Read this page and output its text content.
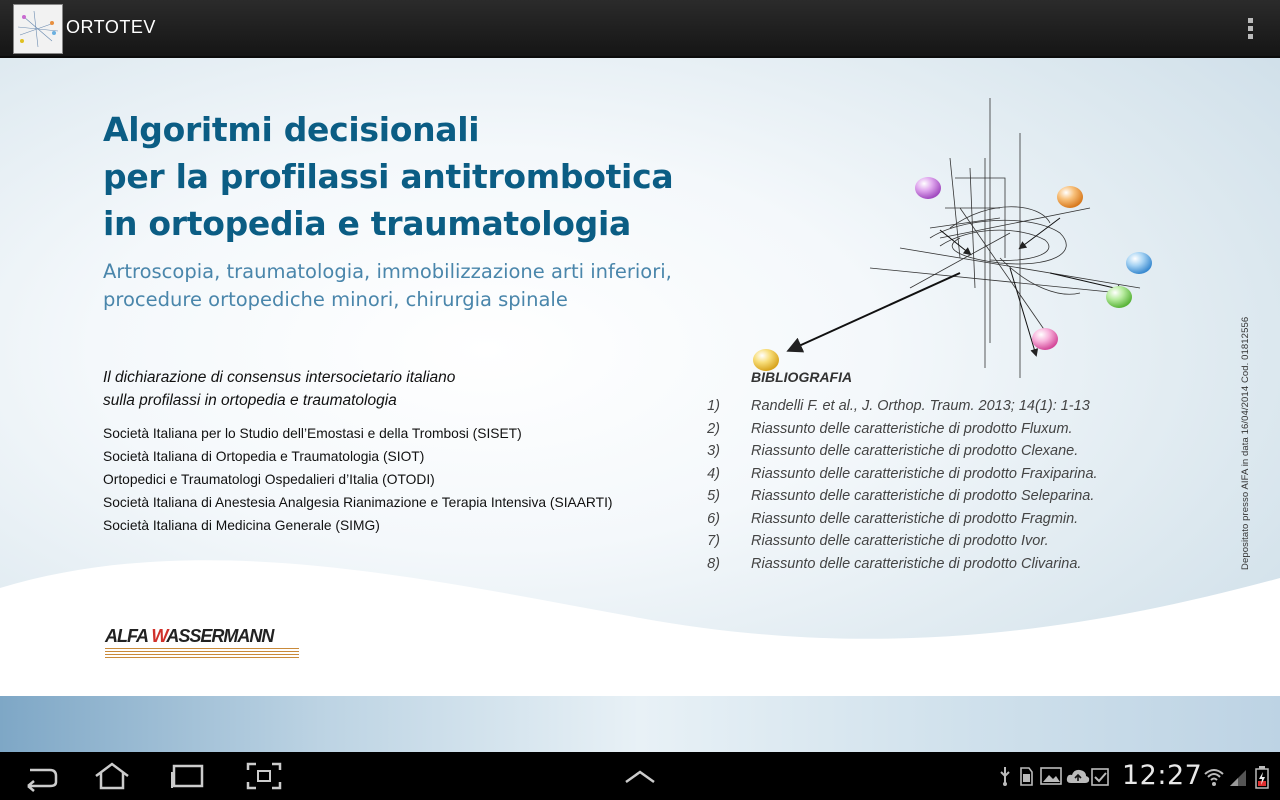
ORTOTEV
Algoritmi decisionali
per la profilassi antitrombotica
in ortopedia e traumatologia
Artroscopia, traumatologia, immobilizzazione arti inferiori,
procedure ortopediche minori, chirurgia spinale
Il dichiarazione di consensus intersocietario italiano
sulla profilassi in ortopedia e traumatologia
Società Italiana per lo Studio dell’Emostasi e della Trombosi (SISET)
Società Italiana di Ortopedia e Traumatologia (SIOT)
Ortopedici e Traumatologi Ospedalieri d’Italia (OTODI)
Società Italiana di Anestesia Analgesia Rianimazione e Terapia Intensiva (SIAARTI)
Società Italiana di Medicina Generale (SIMG)
BIBLIOGRAFIA
1) Randelli F. et al., J. Orthop. Traum. 2013; 14(1): 1-13
2) Riassunto delle caratteristiche di prodotto Fluxum.
3) Riassunto delle caratteristiche di prodotto Clexane.
4) Riassunto delle caratteristiche di prodotto Fraxiparina.
5) Riassunto delle caratteristiche di prodotto Seleparina.
6) Riassunto delle caratteristiche di prodotto Fragmin.
7) Riassunto delle caratteristiche di prodotto Ivor.
8) Riassunto delle caratteristiche di prodotto Clivarina.	Depositato presso AIFA in data 16/04/2014 Cod. 01812556
ALFA WASSERMANN
12:27
